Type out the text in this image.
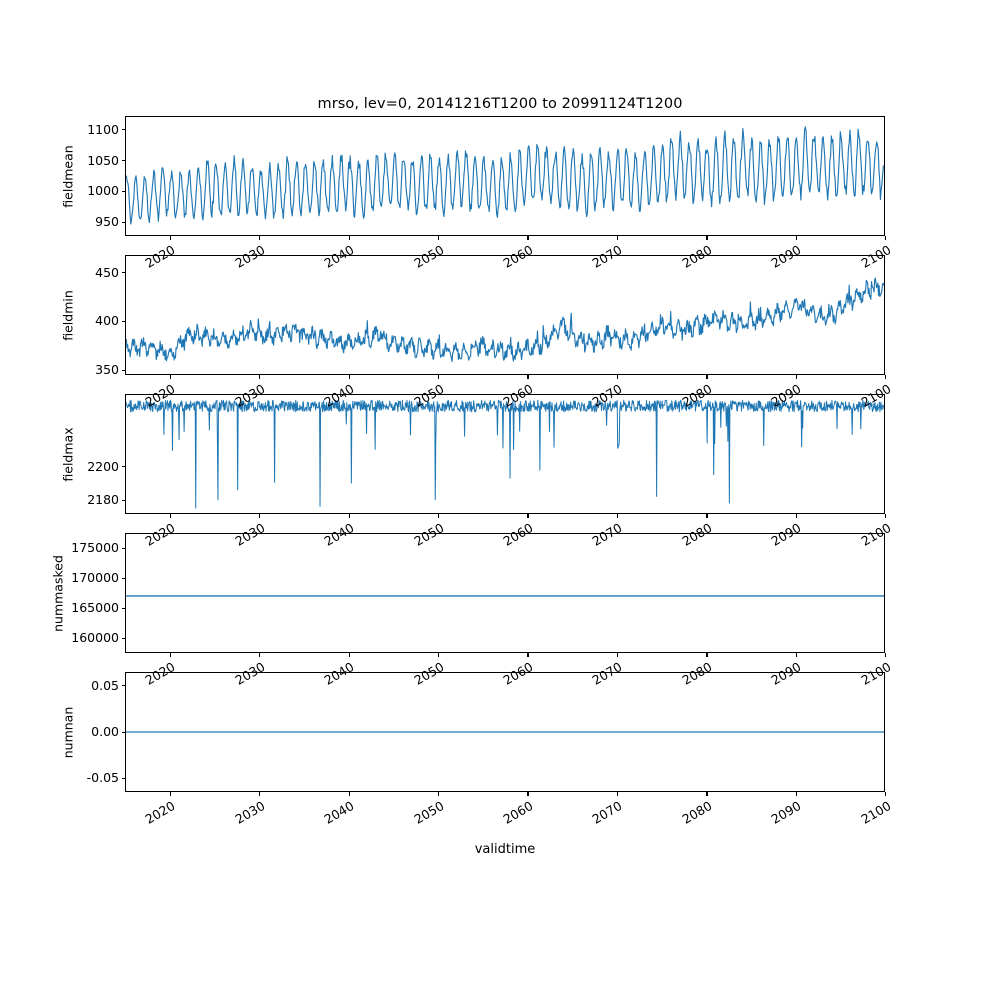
mrso, lev=0, 20141216T1200 to 20991124T1200
fieldmean
fieldmin
fieldmax
nummasked
numnan
validtime
950
1000
1050
1100
2020	2030	2040	2050	2060	2070	2080	2090	2100
350
400
450
2020	2030	2040	2050	2060	2070	2080	2090	2100
2180
2200
2020	2030	2040	2050	2060	2070	2080	2090	2100
160000
165000
170000
175000
2020	2030	2040	2050	2060	2070	2080	2090	2100
-0.05
0.00
0.05
2020	2030	2040	2050	2060	2070	2080	2090	2100
